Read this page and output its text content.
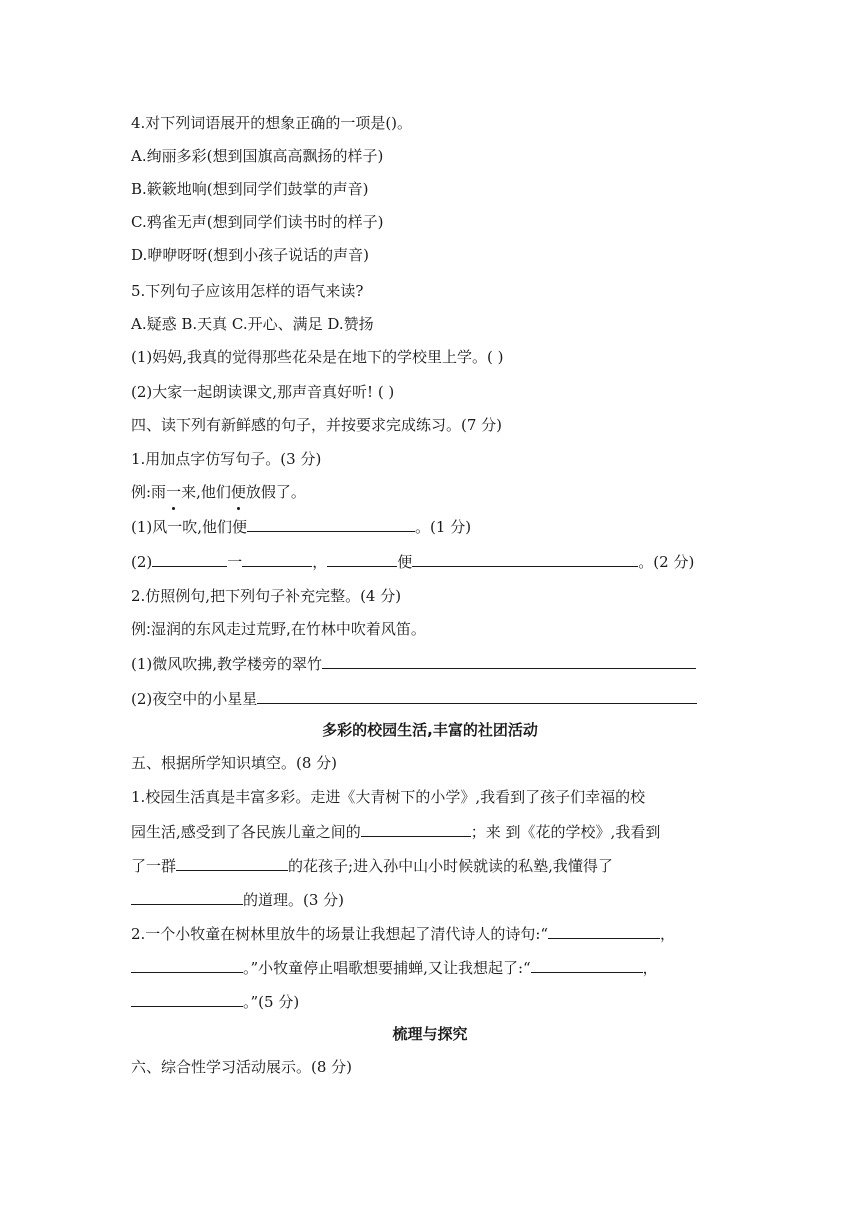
4.对下列词语展开的想象正确的一项是()。
A.绚丽多彩(想到国旗高高飘扬的样子)
B.簌簌地响(想到同学们鼓掌的声音)
C.鸦雀无声(想到同学们读书时的样子)
D.咿咿呀呀(想到小孩子说话的声音)
5.下列句子应该用怎样的语气来读?
A.疑惑 B.天真 C.开心、满足 D.赞扬
(1)妈妈,我真的觉得那些花朵是在地下的学校里上学。( )
(2)大家一起朗读课文,那声音真好听! ( )
四、读下列有新鲜感的句子，并按要求完成练习。(7 分)
1.用加点字仿写句子。(3 分)
例:雨一来,他们便放假了。
(1)风一吹,他们便	。(1 分)
(2)	一	，	便	。(2 分)
2.仿照例句,把下列句子补充完整。(4 分)
例:湿润的东风走过荒野,在竹林中吹着风笛。
(1)微风吹拂,教学楼旁的翠竹
(2)夜空中的小星星
多彩的校园生活,丰富的社团活动
五、根据所学知识填空。(8 分)
1.校园生活真是丰富多彩。走进《大青树下的小学》,我看到了孩子们幸福的校
园生活,感受到了各民族儿童之间的	；来 到《花的学校》,我看到
了一群	的花孩子;进入孙中山小时候就读的私塾,我懂得了
的道理。(3 分)
2.一个小牧童在树林里放牛的场景让我想起了清代诗人的诗句:“	，
。”小牧童停止唱歌想要捕蝉,又让我想起了:“	，
。”(5 分)
梳理与探究
六、综合性学习活动展示。(8 分)
